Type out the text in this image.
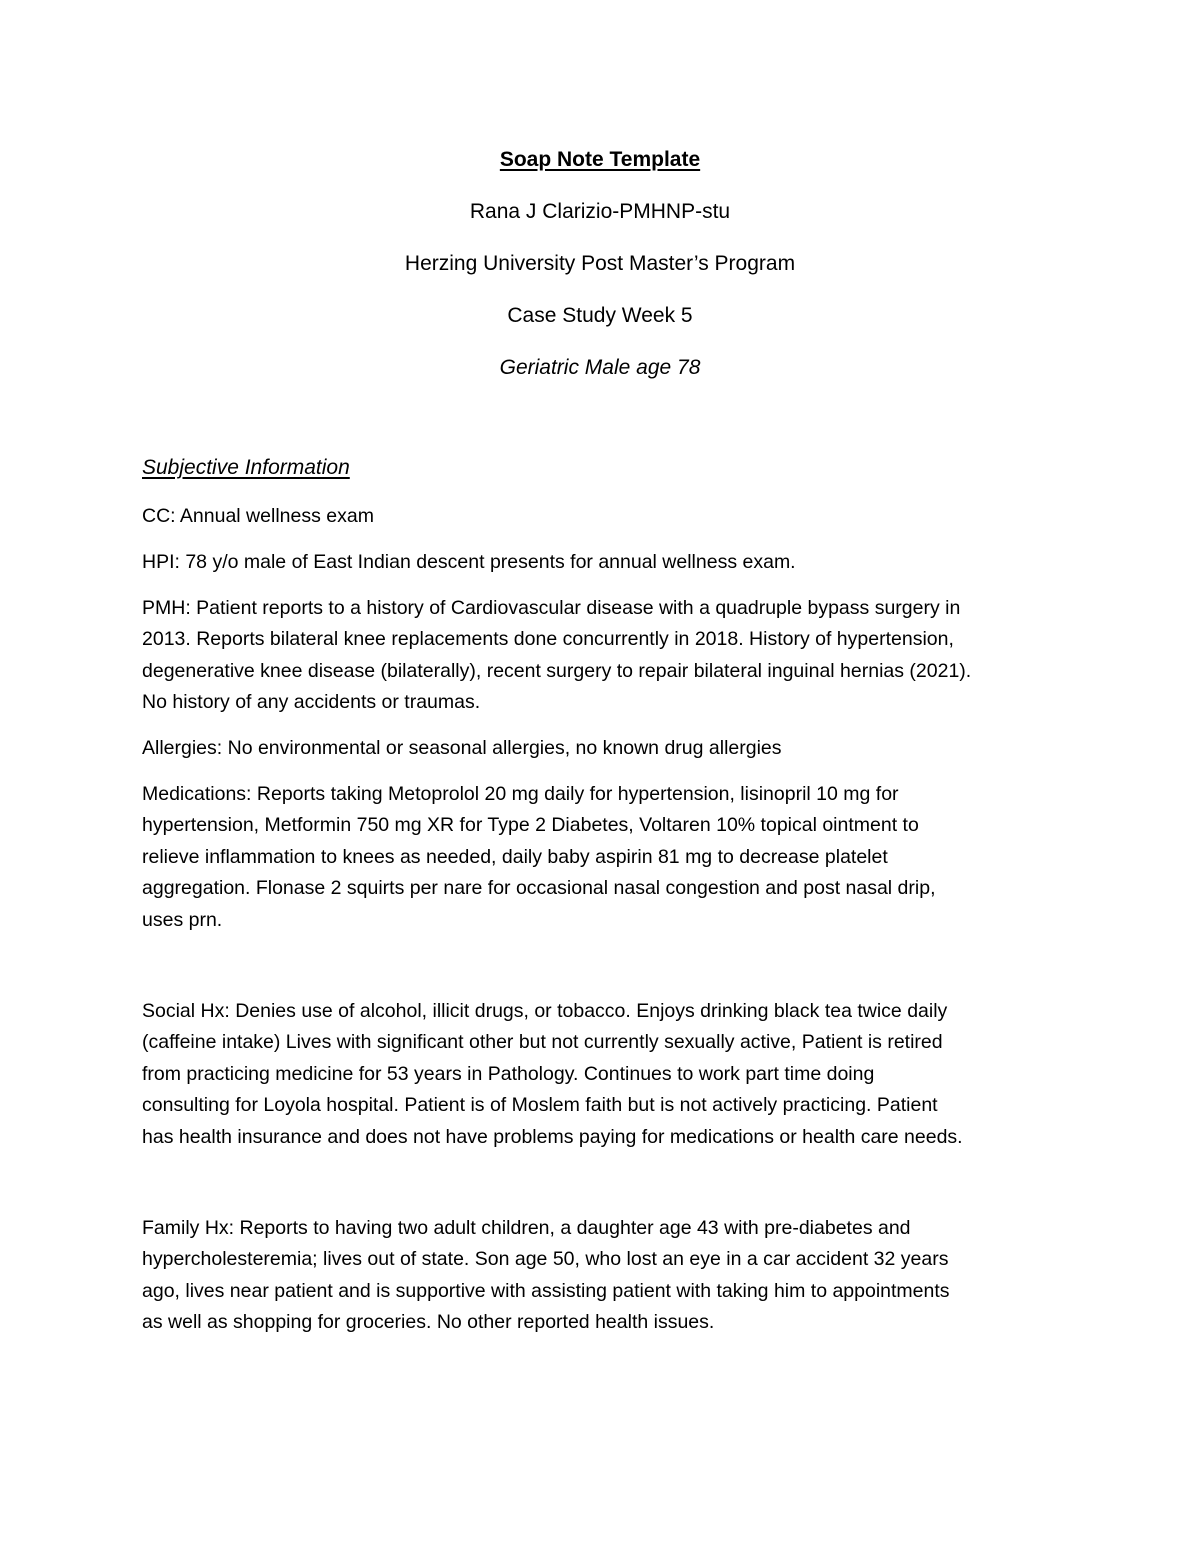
Soap Note Template
Rana J Clarizio-PMHNP-stu
Herzing University Post Master’s Program
Case Study Week 5
Geriatric Male age 78
Subjective Information
CC: Annual wellness exam
HPI: 78 y/o male of East Indian descent presents for annual wellness exam.
PMH: Patient reports to a history of Cardiovascular disease with a quadruple bypass surgery in
2013. Reports bilateral knee replacements done concurrently in 2018. History of hypertension,
degenerative knee disease (bilaterally), recent surgery to repair bilateral inguinal hernias (2021).
No history of any accidents or traumas.
Allergies: No environmental or seasonal allergies, no known drug allergies
Medications: Reports taking Metoprolol 20 mg daily for hypertension, lisinopril 10 mg for
hypertension, Metformin 750 mg XR for Type 2 Diabetes, Voltaren 10% topical ointment to
relieve inflammation to knees as needed, daily baby aspirin 81 mg to decrease platelet
aggregation. Flonase 2 squirts per nare for occasional nasal congestion and post nasal drip,
uses prn.
Social Hx: Denies use of alcohol, illicit drugs, or tobacco. Enjoys drinking black tea twice daily
(caffeine intake) Lives with significant other but not currently sexually active, Patient is retired
from practicing medicine for 53 years in Pathology. Continues to work part time doing
consulting for Loyola hospital. Patient is of Moslem faith but is not actively practicing. Patient
has health insurance and does not have problems paying for medications or health care needs.
Family Hx: Reports to having two adult children, a daughter age 43 with pre-diabetes and
hypercholesteremia; lives out of state. Son age 50, who lost an eye in a car accident 32 years
ago, lives near patient and is supportive with assisting patient with taking him to appointments
as well as shopping for groceries. No other reported health issues.
